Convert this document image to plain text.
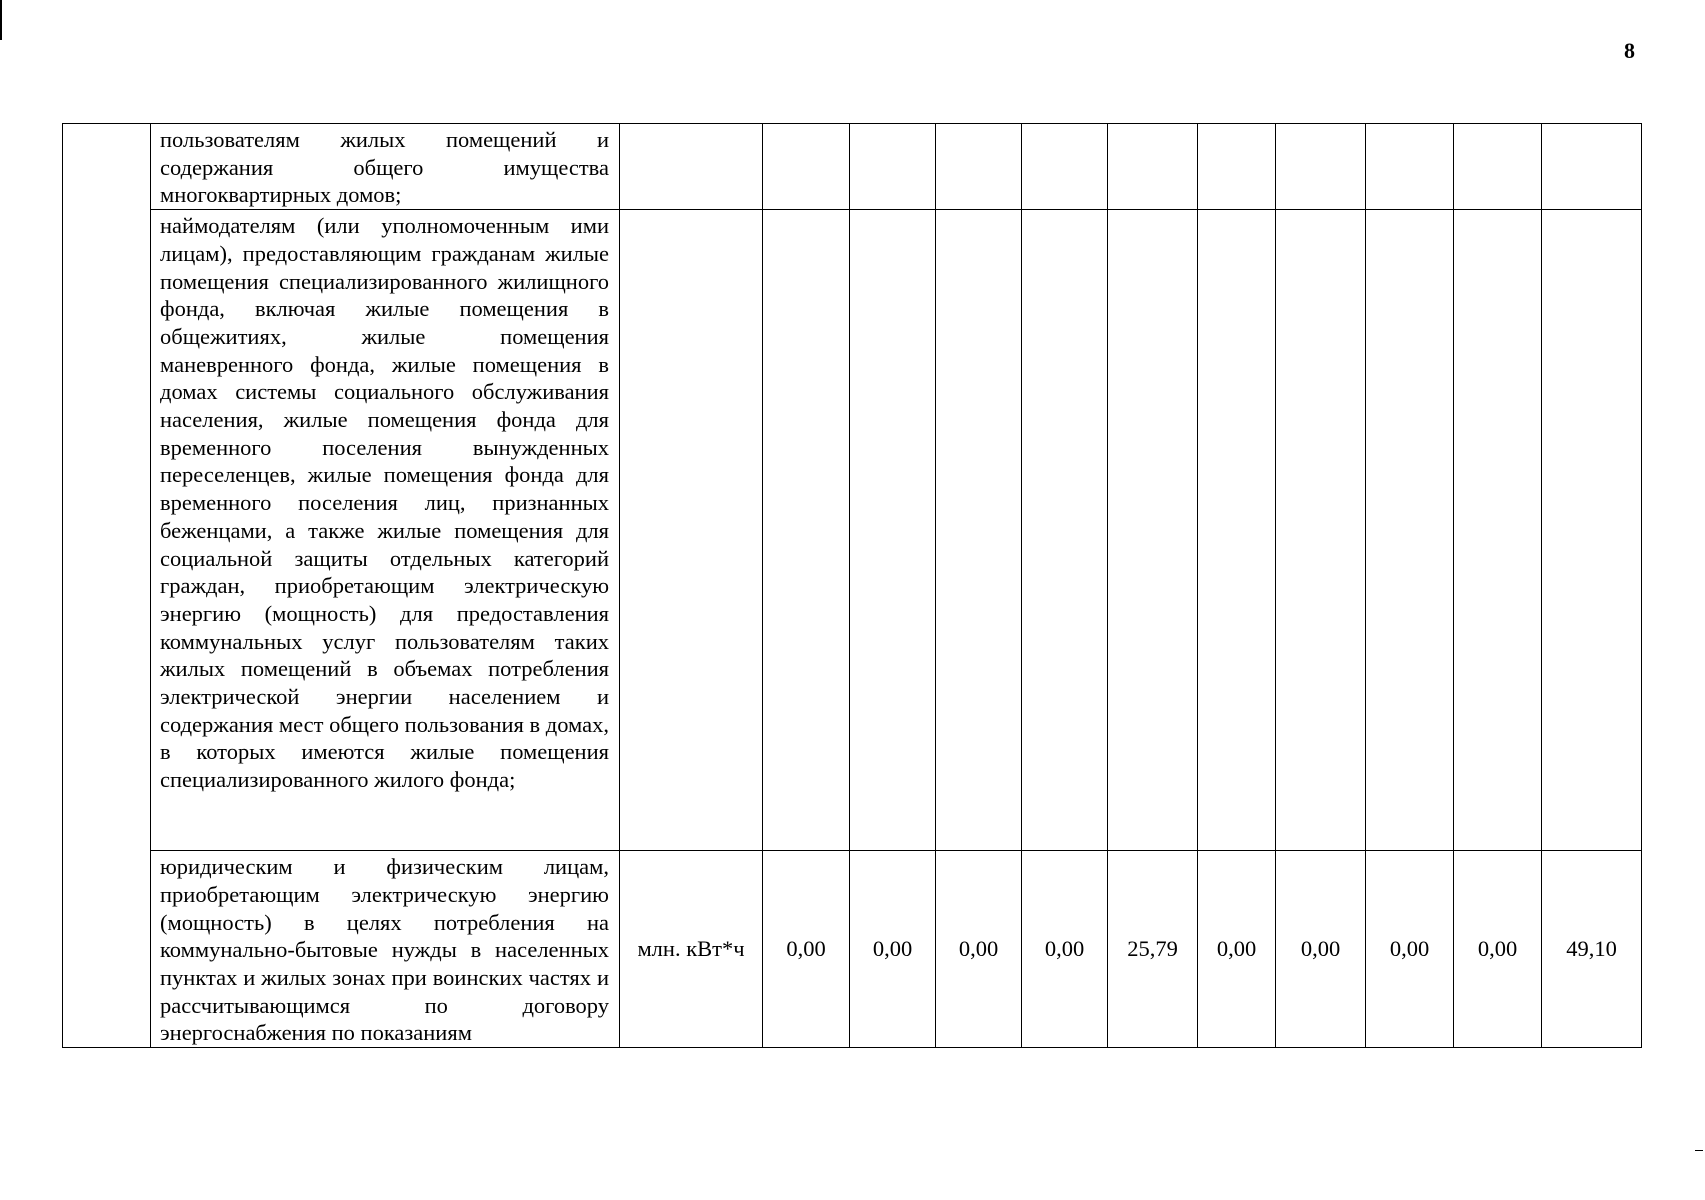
8
	пользователям жилых помещений и содержания общего имущества многоквартирных домов;											
	наймодателям (или уполномоченным ими лицам), предоставляющим гражданам жилые помещения специализированного жилищного фонда, включая жилые помещения в общежитиях, жилые помещения маневренного фонда, жилые помещения в домах системы социального обслуживания населения, жилые помещения фонда для временного поселения вынужденных переселенцев, жилые помещения фонда для временного поселения лиц, признанных беженцами, а также жилые помещения для социальной защиты отдельных категорий граждан, приобретающим электрическую энергию (мощность) для предоставления коммунальных услуг пользователям таких жилых помещений в объемах потребления электрической энергии населением и содержания мест общего пользования в домах, в которых имеются жилые помещения специализированного жилого фонда;											
	юридическим и физическим лицам, приобретающим электрическую энергию (мощность) в целях потребления на коммунально-бытовые нужды в населенных пунктах и жилых зонах при воинских частях и рассчитывающимся по договору энергоснабжения по показаниям	млн. кВт*ч	0,00	0,00	0,00	0,00	25,79	0,00	0,00	0,00	0,00	49,10
